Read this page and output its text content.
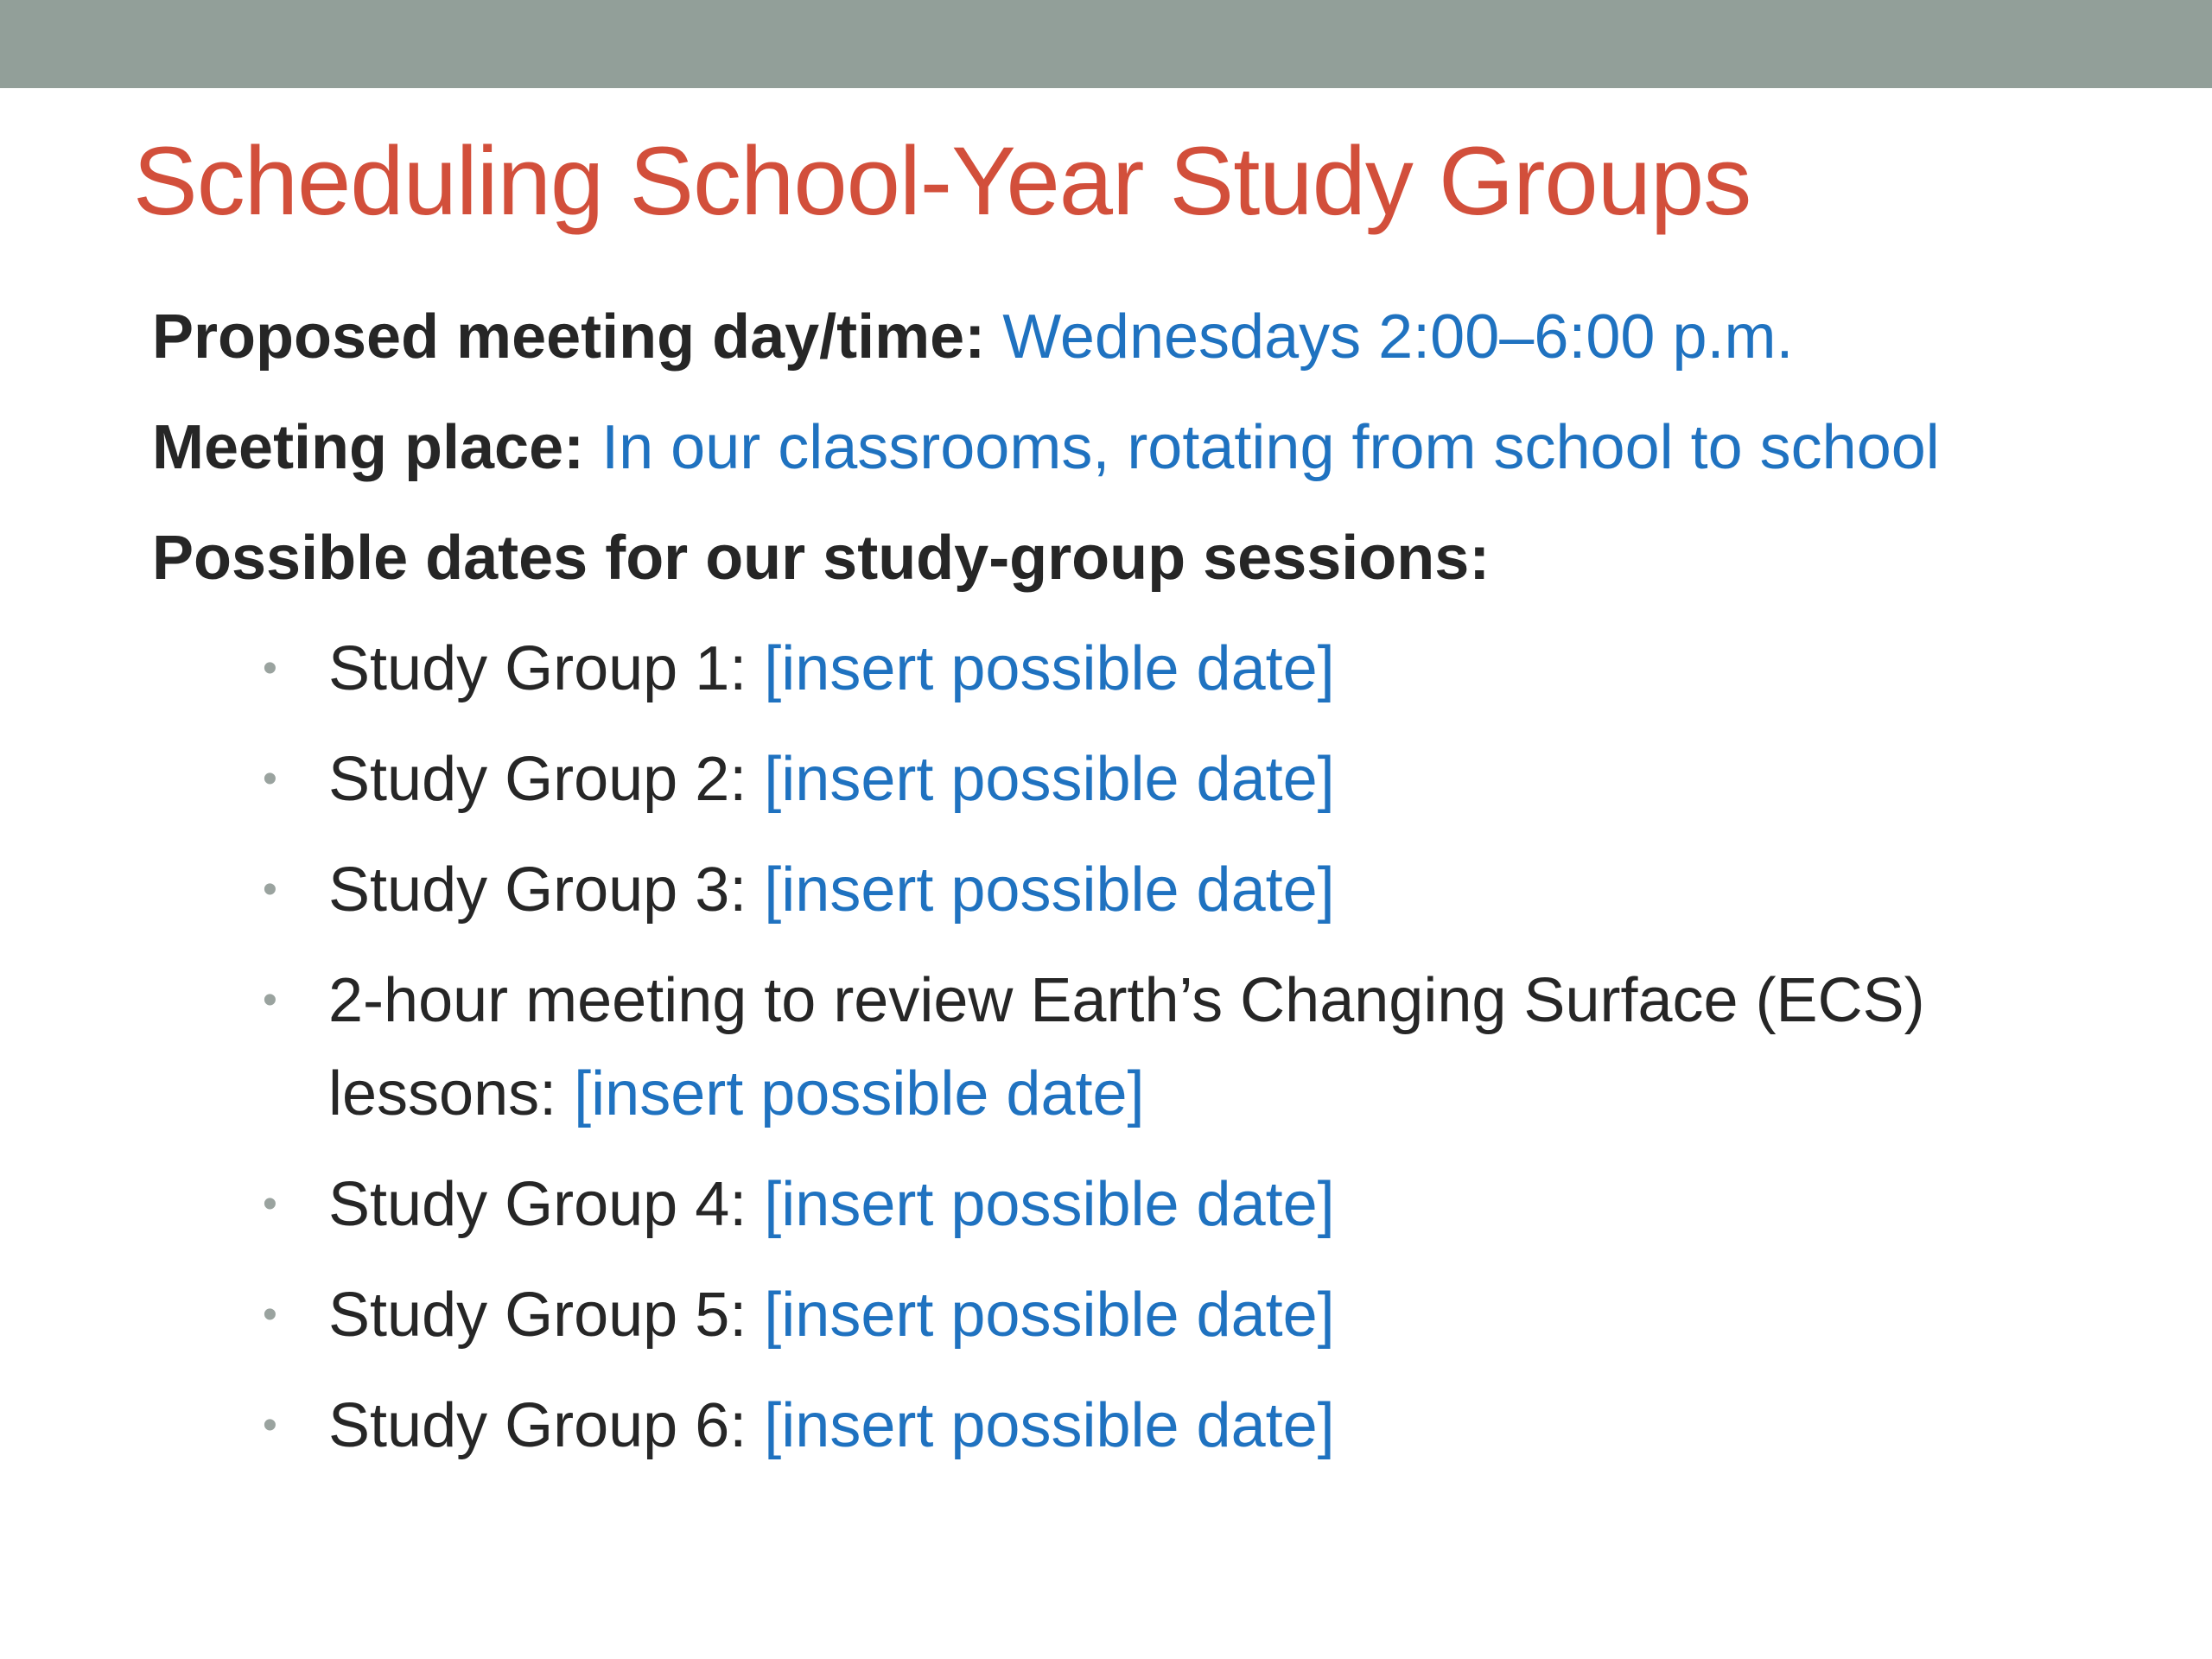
Scheduling School-Year Study Groups

Proposed meeting day/time: Wednesdays 2:00–6:00 p.m.

Meeting place: In our classrooms, rotating from school to school

Possible dates for our study-group sessions:

• Study Group 1: [insert possible date]
• Study Group 2: [insert possible date]
• Study Group 3: [insert possible date]
• 2-hour meeting to review Earth’s Changing Surface (ECS) lessons: [insert possible date]
• Study Group 4: [insert possible date]
• Study Group 5: [insert possible date]
• Study Group 6: [insert possible date]
